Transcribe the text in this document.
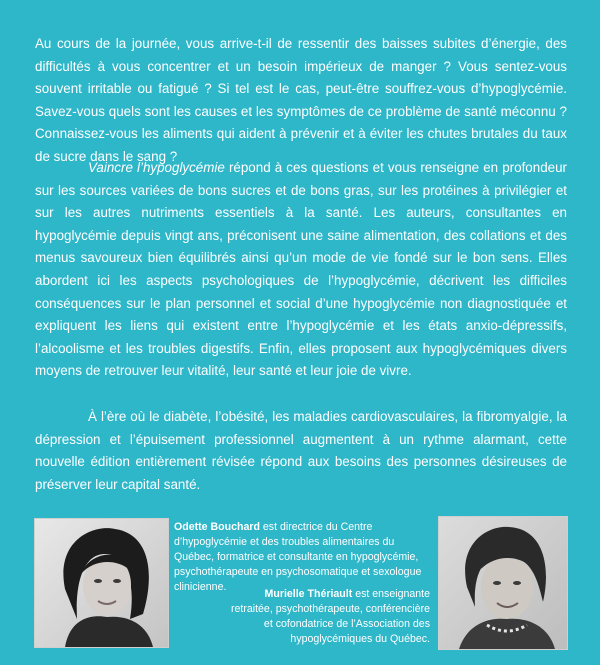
Au cours de la journée, vous arrive-t-il de ressentir des baisses subites d’énergie, des difficultés à vous concentrer et un besoin impérieux de manger ? Vous sentez-vous souvent irritable ou fatigué ? Si tel est le cas, peut-être souffrez-vous d’hypoglycémie. Savez-vous quels sont les causes et les symptômes de ce problème de santé méconnu ? Connaissez-vous les aliments qui aident à prévenir et à éviter les chutes brutales du taux de sucre dans le sang ?

Vaincre l’hypoglycémie répond à ces questions et vous renseigne en profondeur sur les sources variées de bons sucres et de bons gras, sur les protéines à privilégier et sur les autres nutriments essentiels à la santé. Les auteurs, consultantes en hypoglycémie depuis vingt ans, préconisent une saine alimentation, des collations et des menus savoureux bien équilibrés ainsi qu’un mode de vie fondé sur le bon sens. Elles abordent ici les aspects psychologiques de l’hypoglycémie, décrivent les difficiles conséquences sur le plan personnel et social d’une hypoglycémie non diagnostiquée et expliquent les liens qui existent entre l’hypoglycémie et les états anxio-dépressifs, l’alcoolisme et les troubles digestifs. Enfin, elles proposent aux hypoglycémiques divers moyens de retrouver leur vitalité, leur santé et leur joie de vivre.

À l’ère où le diabète, l’obésité, les maladies cardiovasculaires, la fibromyalgie, la dépression et l’épuisement professionnel augmentent à un rythme alarmant, cette nouvelle édition entièrement révisée répond aux besoins des personnes désireuses de préserver leur capital santé.

Odette Bouchard est directrice du Centre d’hypoglycémie et des troubles alimentaires du Québec, formatrice et consultante en hypoglycémie, psychothérapeute en psychosomatique et sexologue clinicienne.

Murielle Thériault est enseignante retraitée, psychothérapeute, conférencière et cofondatrice de l’Association des hypoglycémiques du Québec.
